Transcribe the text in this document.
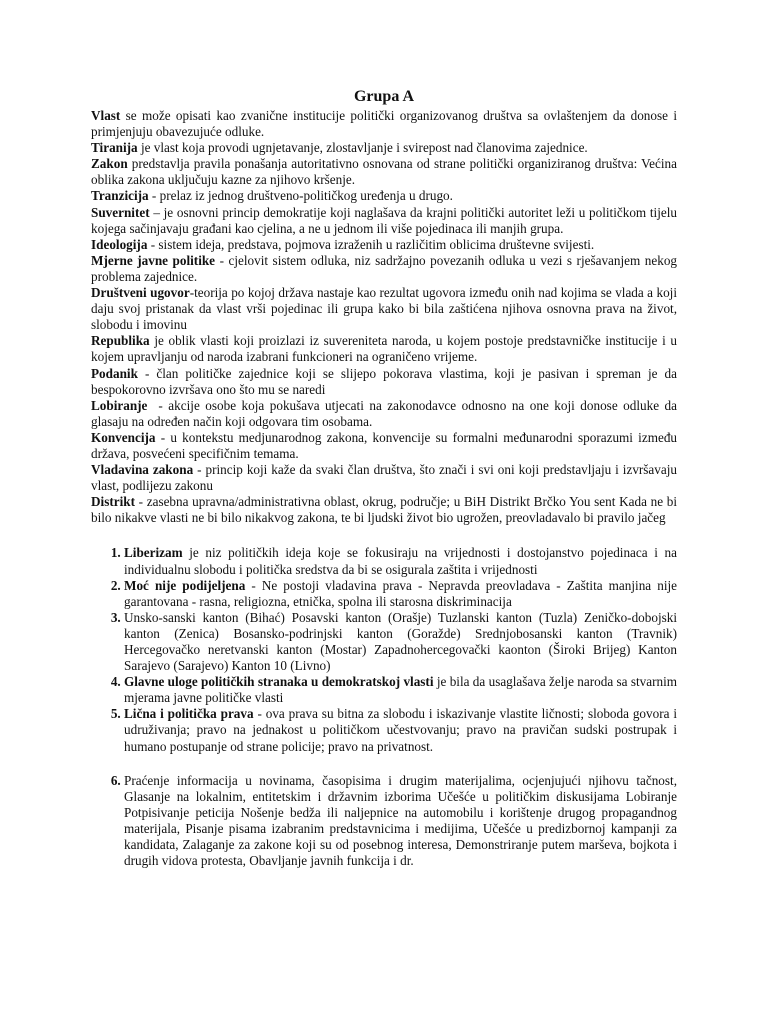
Grupa A

Vlast se može opisati kao zvanične institucije politički organizovanog društva sa ovlaštenjem da donose i primjenjuju obavezujuće odluke.

Tiranija je vlast koja provodi ugnjetavanje, zlostavljanje i svirepost nad članovima zajednice.

Zakon predstavlja pravila ponašanja autoritativno osnovana od strane politički organiziranog društva: Većina oblika zakona uključuju kazne za njihovo kršenje.

Tranzicija - prelaz iz jednog društveno-političkog uređenja u drugo.

Suvernitet – je osnovni princip demokratije koji naglašava da krajni politički autoritet leži u političkom tijelu kojega sačinjavaju građani kao cjelina, a ne u jednom ili više pojedinaca ili manjih grupa.

Ideologija - sistem ideja, predstava, pojmova izraženih u različitim oblicima društevne svijesti.

Mjerne javne politike - cjelovit sistem odluka, niz sadržajno povezanih odluka u vezi s rješavanjem nekog problema zajednice.

Društveni ugovor-teorija po kojoj država nastaje kao rezultat ugovora između onih nad kojima se vlada a koji daju svoj pristanak da vlast vrši pojedinac ili grupa kako bi bila zaštićena njihova osnovna prava na život, slobodu i imovinu

Republika je oblik vlasti koji proizlazi iz suvereniteta naroda, u kojem postoje predstavničke institucije i u kojem upravljanju od naroda izabrani funkcioneri na ograničeno vrijeme.

Podanik - član političke zajednice koji se slijepo pokorava vlastima, koji je pasivan i spreman je da bespokorovno izvršava ono što mu se naredi

Lobiranje - akcije osobe koja pokušava utjecati na zakonodavce odnosno na one koji donose odluke da glasaju na određen način koji odgovara tim osobama.

Konvencija - u kontekstu medjunarodnog zakona, konvencije su formalni međunarodni sporazumi između država, posvećeni specifičnim temama.

Vladavina zakona - princip koji kaže da svaki član društva, što znači i svi oni koji predstavljaju i izvršavaju vlast, podlijezu zakonu

Distrikt - zasebna upravna/administrativna oblast, okrug, područje; u BiH Distrikt Brčko You sent Kada ne bi bilo nikakve vlasti ne bi bilo nikakvog zakona, te bi ljudski život bio ugrožen, preovladavalo bi pravilo jačeg

1. Liberizam je niz političkih ideja koje se fokusiraju na vrijednosti i dostojanstvo pojedinaca i na individualnu slobodu i politička sredstva da bi se osigurala zaštita i vrijednosti
2. Moć nije podijeljena - Ne postoji vladavina prava - Nepravda preovladava - Zaštita manjina nije garantovana - rasna, religiozna, etnička, spolna ili starosna diskriminacija
3. Unsko-sanski kanton (Bihać) Posavski kanton (Orašje) Tuzlanski kanton (Tuzla) Zeničko-dobojski kanton (Zenica) Bosansko-podrinjski kanton (Goražde) Srednjobosanski kanton (Travnik) Hercegovačko neretvanski kanton (Mostar) Zapadnohercegovački kaonton (Široki Brijeg) Kanton Sarajevo (Sarajevo) Kanton 10 (Livno)
4. Glavne uloge političkih stranaka u demokratskoj vlasti je bila da usaglašava želje naroda sa stvarnim mjerama javne političke vlasti
5. Lična i politička prava - ova prava su bitna za slobodu i iskazivanje vlastite ličnosti; sloboda govora i udruživanja; pravo na jednakost u političkom učestvovanju; pravo na pravičan sudski postrupak i humano postupanje od strane policije; pravo na privatnost.
6. Praćenje informacija u novinama, časopisima i drugim materijalima, ocjenjujući njihovu tačnost, Glasanje na lokalnim, entitetskim i državnim izborima Učešće u političkim diskusijama Lobiranje Potpisivanje peticija Nošenje bedža ili naljepnice na automobilu i korištenje drugog propagandnog materijala, Pisanje pisama izabranim predstavnicima i medijima, Učešće u predizbornoj kampanji za kandidata, Zalaganje za zakone koji su od posebnog interesa, Demonstriranje putem marševa, bojkota i drugih vidova protesta, Obavljanje javnih funkcija i dr.
